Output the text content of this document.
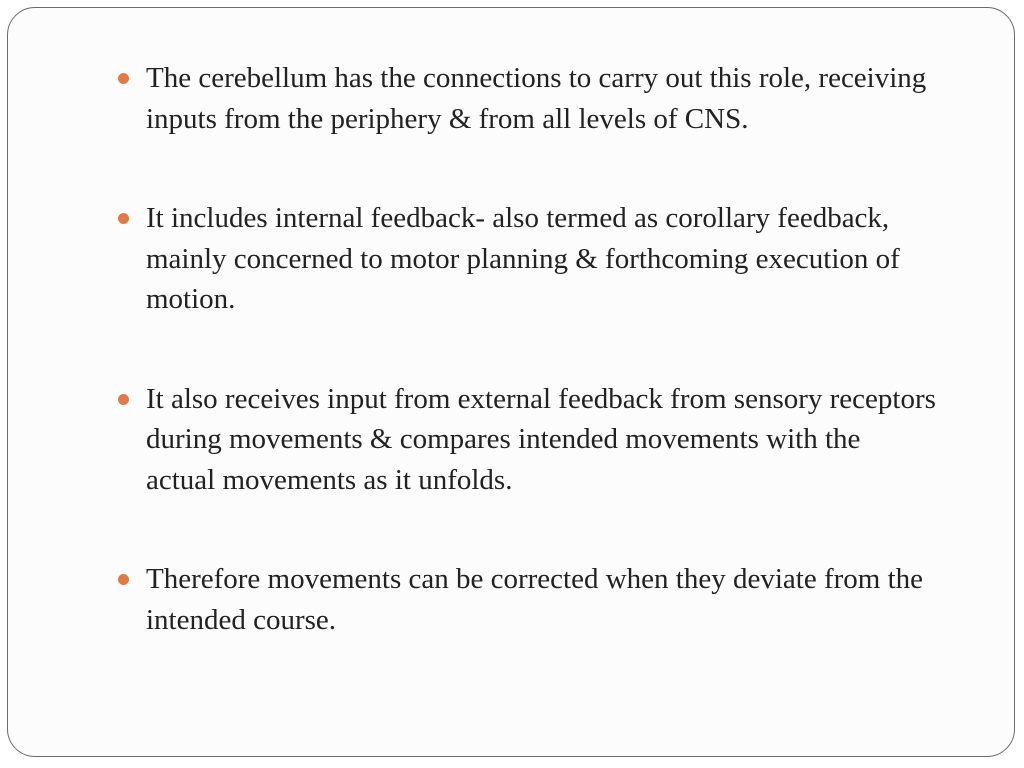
The cerebellum has the connections to carry out this role, receiving inputs from the periphery & from all levels of CNS.
It includes internal feedback- also termed as corollary feedback, mainly concerned to motor planning & forthcoming execution of motion.
It also receives input from external feedback from sensory receptors during movements & compares intended movements with the actual movements as it unfolds.
Therefore movements can be corrected when they deviate from the intended course.
